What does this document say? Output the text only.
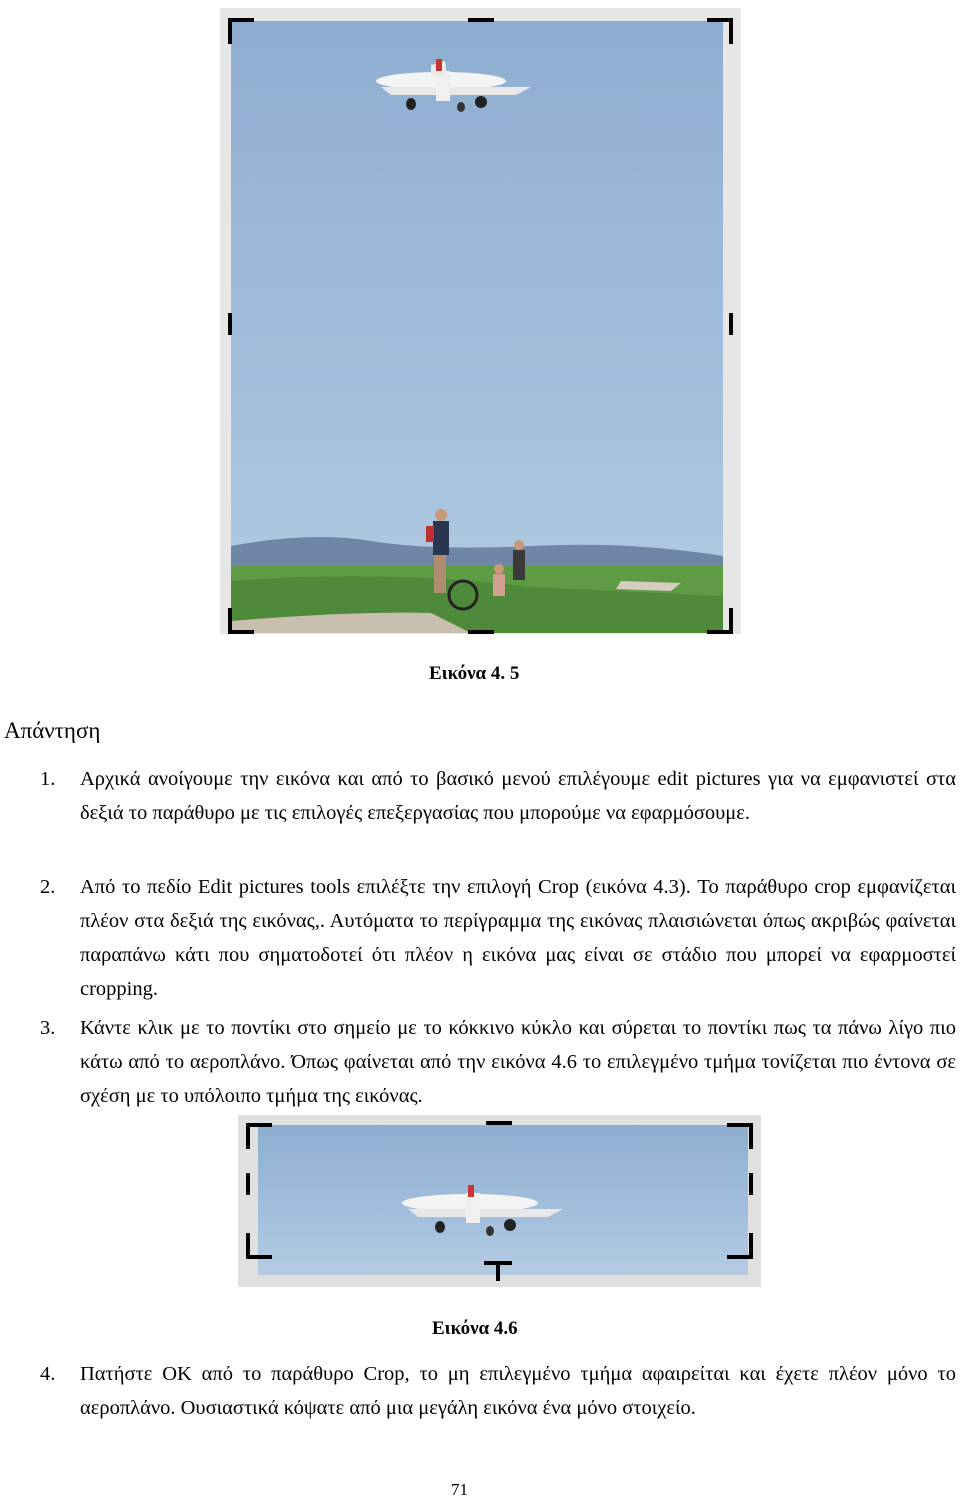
Εικόνα 4. 5
Απάντηση
1. Αρχικά ανοίγουμε την εικόνα και από το βασικό μενού επιλέγουμε edit pictures για να εμφανιστεί στα δεξιά το παράθυρο με τις επιλογές επεξεργασίας που μπορούμε να εφαρμόσουμε.
2. Από το πεδίο Edit pictures tools επιλέξτε την επιλογή Crop (εικόνα 4.3). Το παράθυρο crop εμφανίζεται πλέον στα δεξιά της εικόνας,. Αυτόματα το περίγραμμα της εικόνας πλαισιώνεται όπως ακριβώς φαίνεται παραπάνω κάτι που σηματοδοτεί ότι πλέον η εικόνα μας είναι σε στάδιο που μπορεί να εφαρμοστεί cropping.
3. Κάντε κλικ με το ποντίκι στο σημείο με το κόκκινο κύκλο και σύρεται το ποντίκι πως τα πάνω λίγο πιο κάτω από το αεροπλάνο. Όπως φαίνεται από την εικόνα 4.6 το επιλεγμένο τμήμα τονίζεται πιο έντονα σε σχέση με το υπόλοιπο τμήμα της εικόνας.
Εικόνα 4.6
4. Πατήστε OK από το παράθυρο Crop, το μη επιλεγμένο τμήμα αφαιρείται και έχετε πλέον μόνο το αεροπλάνο. Ουσιαστικά κόψατε από μια μεγάλη εικόνα ένα μόνο στοιχείο.
71
